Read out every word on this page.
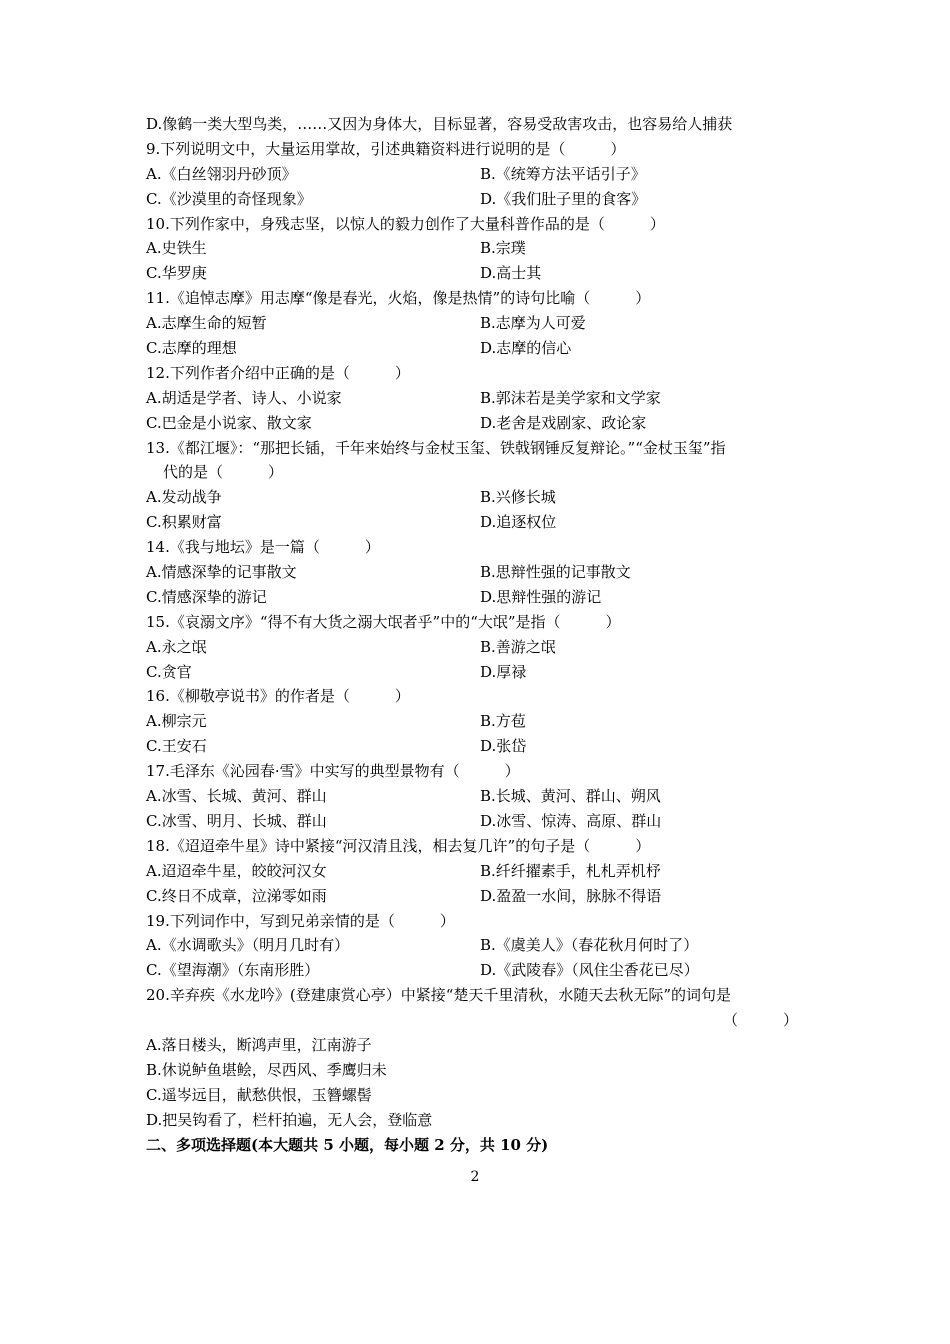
D.像鹤一类大型鸟类，……又因为身体大，目标显著，容易受敌害攻击，也容易给人捕获
9.下列说明文中，大量运用掌故，引述典籍资料进行说明的是（　　　）
A.《白丝翎羽丹砂顶》	B.《统筹方法平话引子》
C.《沙漠里的奇怪现象》	D.《我们肚子里的食客》
10.下列作家中，身残志坚，以惊人的毅力创作了大量科普作品的是（　　　）
A.史铁生	B.宗璞
C.华罗庚	D.高士其
11.《追悼志摩》用志摩“像是春光，火焰，像是热情”的诗句比喻（　　　）
A.志摩生命的短暂	B.志摩为人可爱
C.志摩的理想	D.志摩的信心
12.下列作者介绍中正确的是（　　　）
A.胡适是学者、诗人、小说家	B.郭沫若是美学家和文学家
C.巴金是小说家、散文家	D.老舍是戏剧家、政论家
13.《都江堰》：“那把长锸，千年来始终与金杖玉玺、铁戟钢锤反复辩论。”“金杖玉玺”指
代的是（　　　）
A.发动战争	B.兴修长城
C.积累财富	D.追逐权位
14.《我与地坛》是一篇（　　　）
A.情感深挚的记事散文	B.思辩性强的记事散文
C.情感深挚的游记	D.思辩性强的游记
15.《哀溺文序》“得不有大货之溺大氓者乎”中的“大氓”是指（　　　）
A.永之氓	B.善游之氓
C.贪官	D.厚禄
16.《柳敬亭说书》的作者是（　　　）
A.柳宗元	B.方苞
C.王安石	D.张岱
17.毛泽东《沁园春·雪》中实写的典型景物有（　　　）
A.冰雪、长城、黄河、群山	B.长城、黄河、群山、朔风
C.冰雪、明月、长城、群山	D.冰雪、惊涛、高原、群山
18.《迢迢牵牛星》诗中紧接“河汉清且浅，相去复几许”的句子是（　　　）
A.迢迢牵牛星，皎皎河汉女	B.纤纤擢素手，札札弄机杼
C.终日不成章，泣涕零如雨	D.盈盈一水间，脉脉不得语
19.下列词作中，写到兄弟亲情的是（　　　）
A.《水调歌头》（明月几时有）	B.《虞美人》（春花秋月何时了）
C.《望海潮》（东南形胜）	D.《武陵春》（风住尘香花已尽）
20.辛弃疾《水龙吟》(登建康赏心亭）中紧接“楚天千里清秋，水随天去秋无际”的词句是
（　　　）
A.落日楼头，断鸿声里，江南游子
B.休说鲈鱼堪鲙，尽西风、季鹰归未
C.遥岑远目，献愁供恨，玉簪螺髻
D.把吴钩看了，栏杆拍遍，无人会，登临意
二、多项选择题(本大题共 5 小题，每小题 2 分，共 10 分)
2
